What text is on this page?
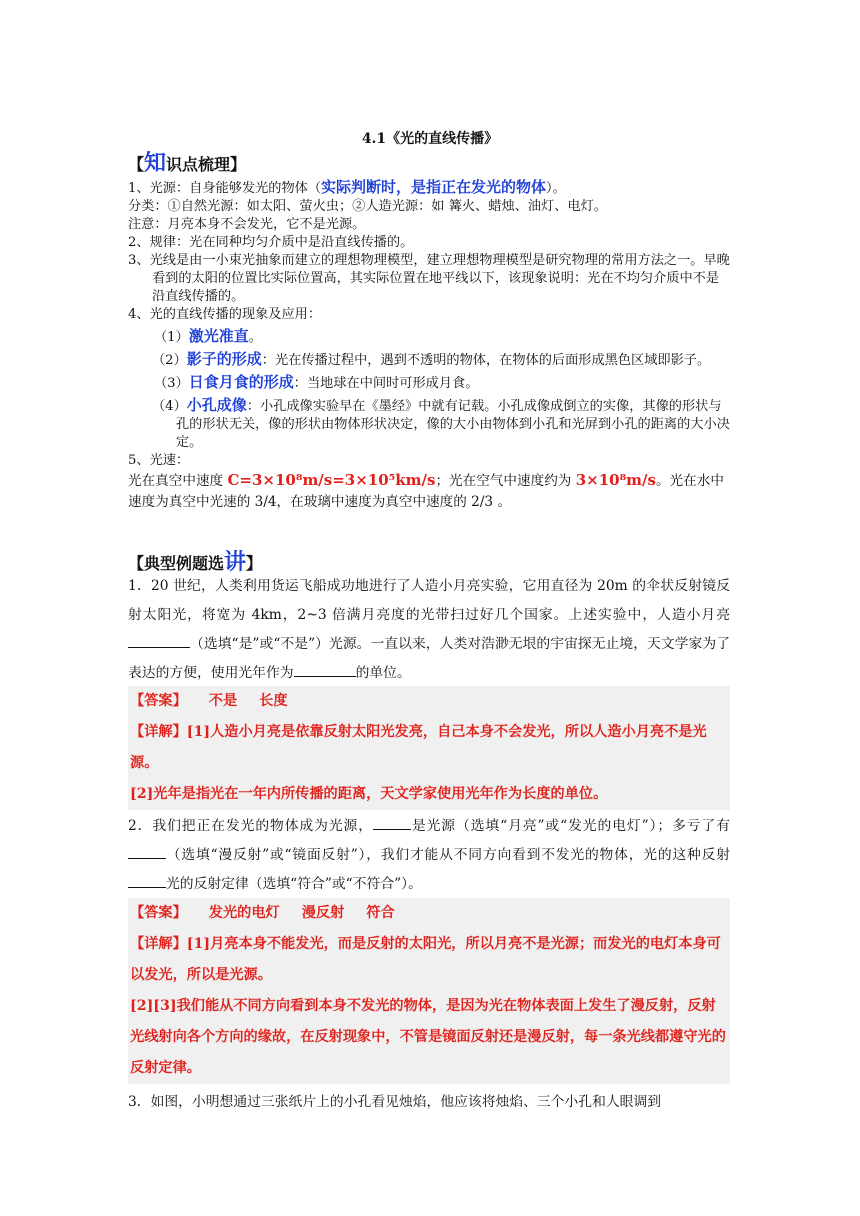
4.1《光的直线传播》
【知识点梳理】
1、光源：自身能够发光的物体（实际判断时，是指正在发光的物体）。
分类：①自然光源：如太阳、萤火虫；②人造光源：如 篝火、蜡烛、油灯、电灯。
注意：月亮本身不会发光，它不是光源。
2、规律：光在同种均匀介质中是沿直线传播的。
3、光线是由一小束光抽象而建立的理想物理模型，建立理想物理模型是研究物理的常用方法之一。早晚看到的太阳的位置比实际位置高，其实际位置在地平线以下，该现象说明：光在不均匀介质中不是沿直线传播的。
4、光的直线传播的现象及应用：
（1）激光准直。
（2）影子的形成：光在传播过程中，遇到不透明的物体，在物体的后面形成黑色区域即影子。
（3）日食月食的形成：当地球在中间时可形成月食。
（4）小孔成像：小孔成像实验早在《墨经》中就有记载。小孔成像成倒立的实像，其像的形状与孔的形状无关，像的形状由物体形状决定，像的大小由物体到小孔和光屏到小孔的距离的大小决定。
5、光速：
光在真空中速度 C=3×10⁸m/s=3×10⁵km/s；光在空气中速度约为 3×10⁸m/s。光在水中速度为真空中光速的 3/4，在玻璃中速度为真空中速度的 2/3 。
【典型例题选讲】
1．20 世纪，人类利用货运飞船成功地进行了人造小月亮实验，它用直径为 20m 的伞状反射镜反射太阳光，将宽为 4km，2~3 倍满月亮度的光带扫过好几个国家。上述实验中，人造小月亮（选填“是”或“不是”）光源。一直以来，人类对浩渺无垠的宇宙探无止境，天文学家为了表达的方便，使用光年作为	的单位。

【答案】 不是 长度

【详解】[1]人造小月亮是依靠反射太阳光发亮，自己本身不会发光，所以人造小月亮不是光源。

[2]光年是指光在一年内所传播的距离，天文学家使用光年作为长度的单位。

2．我们把正在发光的物体成为光源，	是光源（选填“月亮”或“发光的电灯”）；多亏了有（选填“漫反射”或“镜面反射”），我们才能从不同方向看到不发光的物体，光的这种反射光的反射定律（选填“符合”或“不符合”）。

【答案】 发光的电灯 漫反射 符合

【详解】[1]月亮本身不能发光，而是反射的太阳光，所以月亮不是光源；而发光的电灯本身可以发光，所以是光源。

[2][3]我们能从不同方向看到本身不发光的物体，是因为光在物体表面上发生了漫反射，反射光线射向各个方向的缘故，在反射现象中，不管是镜面反射还是漫反射，每一条光线都遵守光的反射定律。

3．如图，小明想通过三张纸片上的小孔看见烛焰，他应该将烛焰、三个小孔和人眼调到
